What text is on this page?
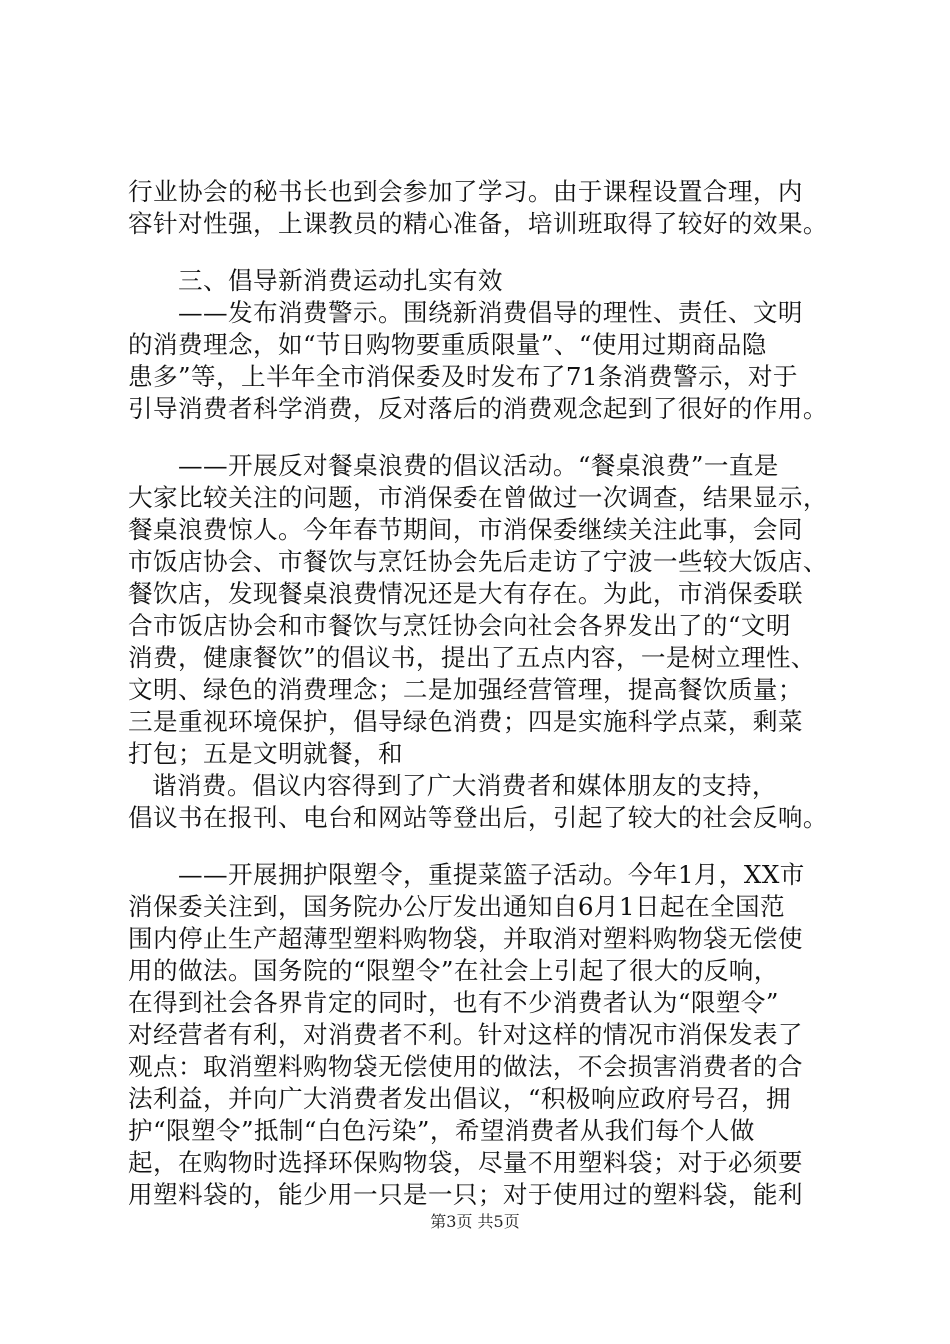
行业协会的秘书长也到会参加了学习。由于课程设置合理，内
容针对性强，上课教员的精心准备，培训班取得了较好的效果。
三、倡导新消费运动扎实有效
——发布消费警示。围绕新消费倡导的理性、责任、文明
的消费理念，如“节日购物要重质限量”、“使用过期商品隐
患多”等，上半年全市消保委及时发布了71条消费警示，对于
引导消费者科学消费，反对落后的消费观念起到了很好的作用。
——开展反对餐桌浪费的倡议活动。“餐桌浪费”一直是
大家比较关注的问题，市消保委在曾做过一次调查，结果显示，
餐桌浪费惊人。今年春节期间，市消保委继续关注此事，会同
市饭店协会、市餐饮与烹饪协会先后走访了宁波一些较大饭店、
餐饮店，发现餐桌浪费情况还是大有存在。为此，市消保委联
合市饭店协会和市餐饮与烹饪协会向社会各界发出了的“文明
消费，健康餐饮”的倡议书，提出了五点内容，一是树立理性、
文明、绿色的消费理念；二是加强经营管理，提高餐饮质量；
三是重视环境保护，倡导绿色消费；四是实施科学点菜，剩菜
打包；五是文明就餐，和
谐消费。倡议内容得到了广大消费者和媒体朋友的支持，
倡议书在报刊、电台和网站等登出后，引起了较大的社会反响。
——开展拥护限塑令，重提菜篮子活动。今年1月，XX市
消保委关注到，国务院办公厅发出通知自6月1日起在全国范
围内停止生产超薄型塑料购物袋，并取消对塑料购物袋无偿使
用的做法。国务院的“限塑令”在社会上引起了很大的反响，
在得到社会各界肯定的同时，也有不少消费者认为“限塑令”
对经营者有利，对消费者不利。针对这样的情况市消保发表了
观点：取消塑料购物袋无偿使用的做法，不会损害消费者的合
法利益，并向广大消费者发出倡议，“积极响应政府号召，拥
护“限塑令”抵制“白色污染”，希望消费者从我们每个人做
起，在购物时选择环保购物袋，尽量不用塑料袋；对于必须要
用塑料袋的，能少用一只是一只；对于使用过的塑料袋，能利
第3页 共5页
